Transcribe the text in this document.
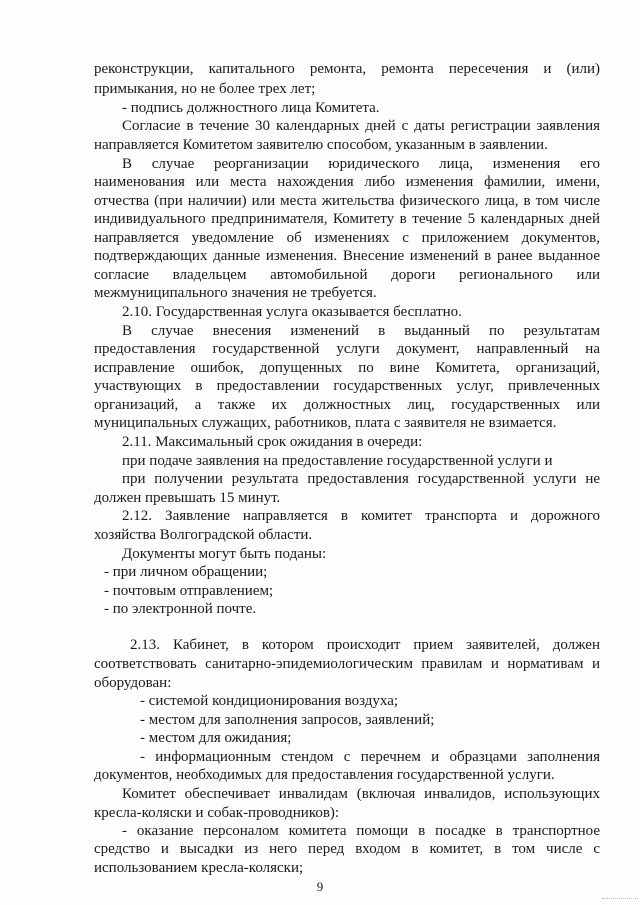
реконструкции, капитального ремонта, ремонта пересечения и (или)
примыкания, но не более трех лет;
- подпись должностного лица Комитета.
Согласие в течение 30 календарных дней с даты регистрации заявления
направляется Комитетом заявителю способом, указанным в заявлении.
В случае реорганизации юридического лица, изменения его
наименования или места нахождения либо изменения фамилии, имени,
отчества (при наличии) или места жительства физического лица, в том числе
индивидуального предпринимателя, Комитету в течение 5 календарных дней
направляется уведомление об изменениях с приложением документов,
подтверждающих данные изменения. Внесение изменений в ранее выданное
согласие владельцем автомобильной дороги регионального или
межмуниципального значения не требуется.
2.10. Государственная услуга оказывается бесплатно.
В случае внесения изменений в выданный по результатам
предоставления государственной услуги документ, направленный на
исправление ошибок, допущенных по вине Комитета, организаций,
участвующих в предоставлении государственных услуг, привлеченных
организаций, а также их должностных лиц, государственных или
муниципальных служащих, работников, плата с заявителя не взимается.
2.11. Максимальный срок ожидания в очереди:
при подаче заявления на предоставление государственной услуги и
при получении результата предоставления государственной услуги не
должен превышать 15 минут.
2.12. Заявление направляется в комитет транспорта и дорожного
хозяйства Волгоградской области.
Документы могут быть поданы:
- при личном обращении;
- почтовым отправлением;
- по электронной почте.
2.13. Кабинет, в котором происходит прием заявителей, должен
соответствовать санитарно-эпидемиологическим правилам и нормативам и
оборудован:
- системой кондиционирования воздуха;
- местом для заполнения запросов, заявлений;
- местом для ожидания;
- информационным стендом с перечнем и образцами заполнения
документов, необходимых для предоставления государственной услуги.
Комитет обеспечивает инвалидам (включая инвалидов, использующих
кресла-коляски и собак-проводников):
- оказание персоналом комитета помощи в посадке в транспортное
средство и высадки из него перед входом в комитет, в том числе с
использованием кресла-коляски;
9
